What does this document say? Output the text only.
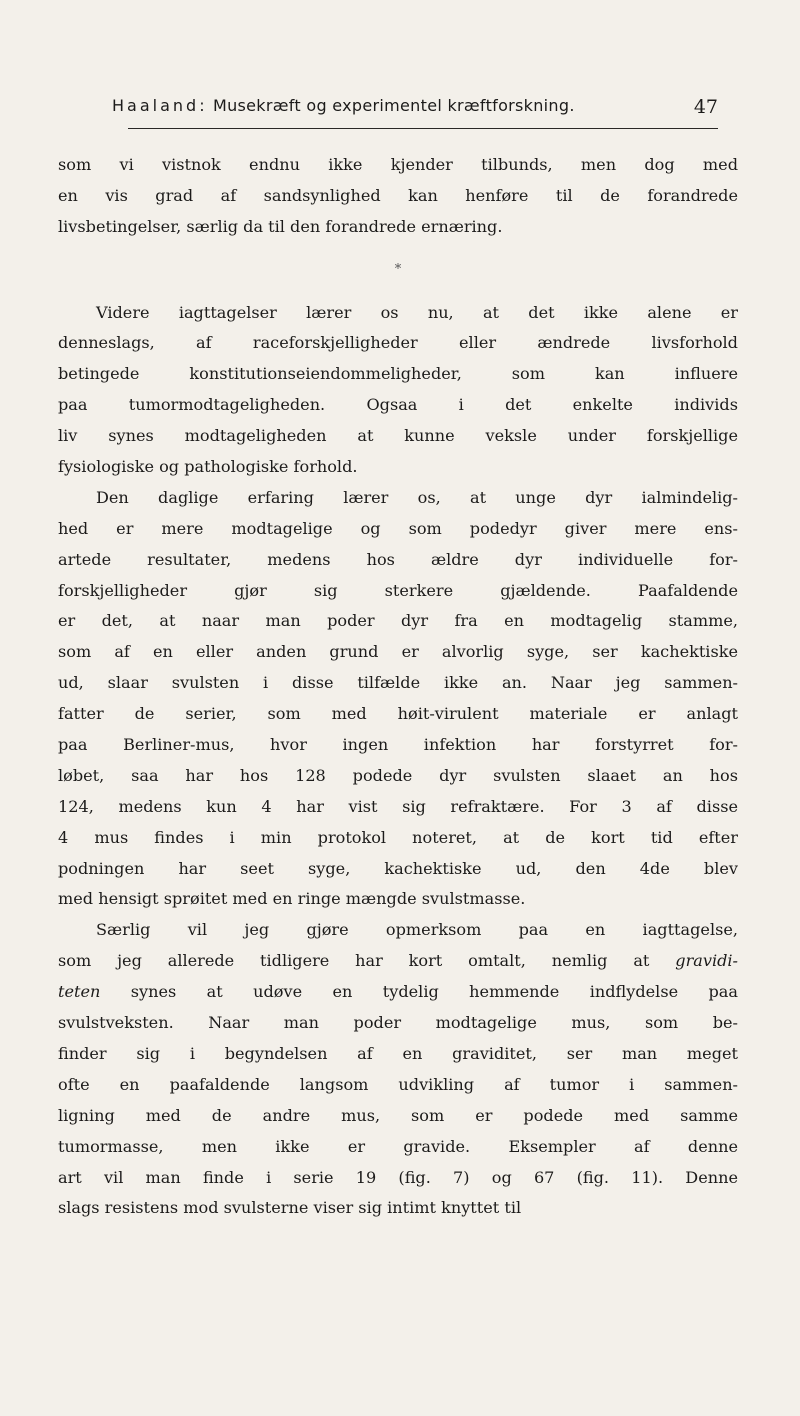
Haaland: Musekræft og experimentel kræftforskning.	47
som vi vistnok endnu ikke kjender tilbunds, men dog med
en vis grad af sandsynlighed kan henføre til de forandrede
livsbetingelser, særlig da til den forandrede ernæring.
*
Videre iagttagelser lærer os nu, at det ikke alene er
denneslags, af raceforskjelligheder eller ændrede livsforhold
betingede konstitutionseiendommeligheder, som kan influere
paa tumormodtageligheden. Ogsaa i det enkelte individs
liv synes modtageligheden at kunne veksle under forskjellige
fysiologiske og pathologiske forhold.
Den daglige erfaring lærer os, at unge dyr ialmindelig-
hed er mere modtagelige og som podedyr giver mere ens-
artede resultater, medens hos ældre dyr individuelle for-
forskjelligheder gjør sig sterkere gjældende. Paafaldende
er det, at naar man poder dyr fra en modtagelig stamme,
som af en eller anden grund er alvorlig syge, ser kachektiske
ud, slaar svulsten i disse tilfælde ikke an. Naar jeg sammen-
fatter de serier, som med høit-virulent materiale er anlagt
paa Berliner-mus, hvor ingen infektion har forstyrret for-
løbet, saa har hos 128 podede dyr svulsten slaaet an hos
124, medens kun 4 har vist sig refraktære. For 3 af disse
4 mus findes i min protokol noteret, at de kort tid efter
podningen har seet syge, kachektiske ud, den 4de blev
med hensigt sprøitet med en ringe mængde svulstmasse.
Særlig vil jeg gjøre opmerksom paa en iagttagelse,
som jeg allerede tidligere har kort omtalt, nemlig at gravidi-
teten synes at udøve en tydelig hemmende indflydelse paa
svulstveksten. Naar man poder modtagelige mus, som be-
finder sig i begyndelsen af en graviditet, ser man meget
ofte en paafaldende langsom udvikling af tumor i sammen-
ligning med de andre mus, som er podede med samme
tumormasse, men ikke er gravide. Eksempler af denne
art vil man finde i serie 19 (fig. 7) og 67 (fig. 11). Denne
slags resistens mod svulsterne viser sig intimt knyttet til
